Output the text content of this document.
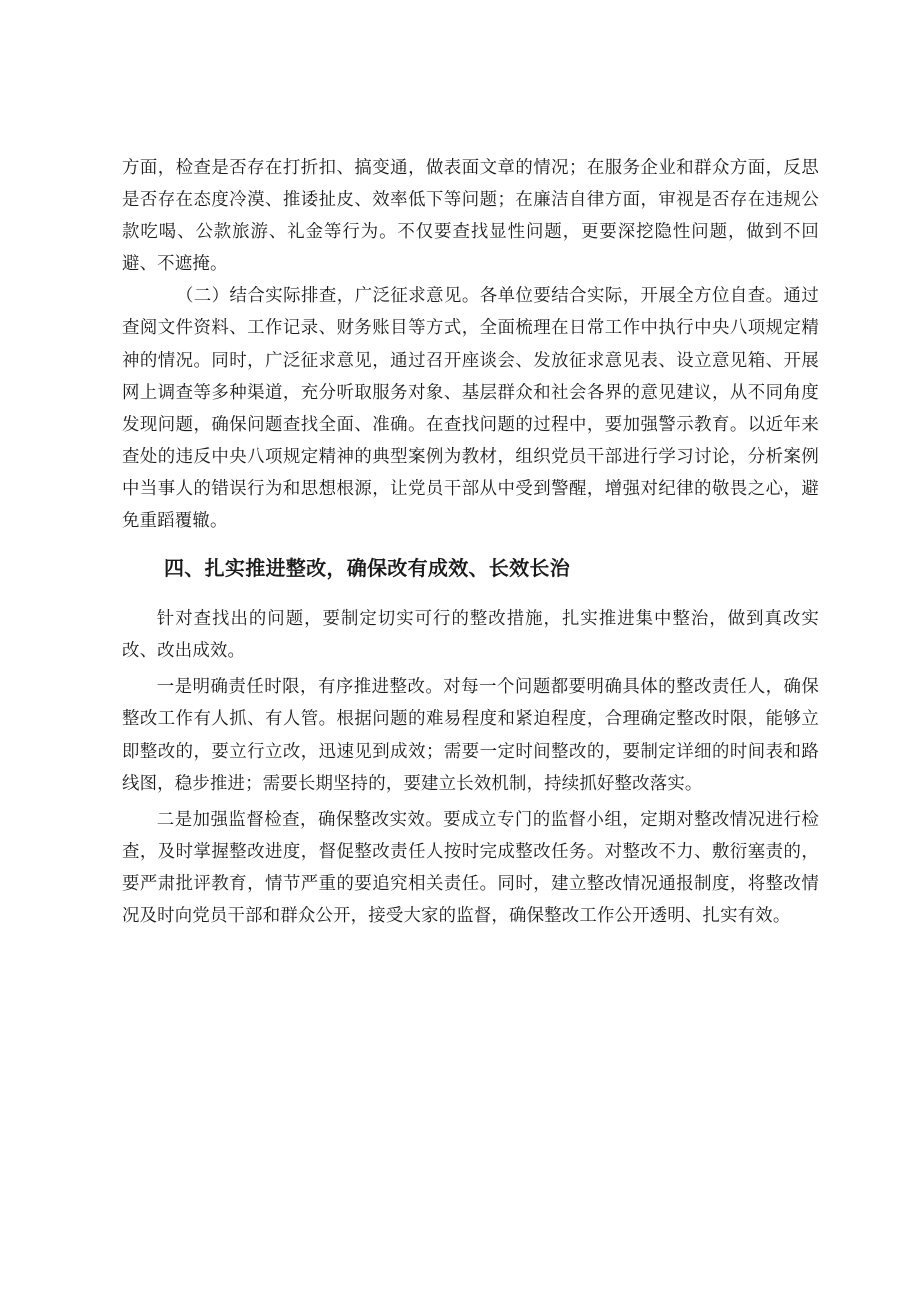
方面，检查是否存在打折扣、搞变通，做表面文章的情况；在服务企业和群众方面，反思是否存在态度冷漠、推诿扯皮、效率低下等问题；在廉洁自律方面，审视是否存在违规公款吃喝、公款旅游、礼金等行为。不仅要查找显性问题，更要深挖隐性问题，做到不回避、不遮掩。

（二）结合实际排查，广泛征求意见。各单位要结合实际，开展全方位自查。通过查阅文件资料、工作记录、财务账目等方式，全面梳理在日常工作中执行中央八项规定精神的情况。同时，广泛征求意见，通过召开座谈会、发放征求意见表、设立意见箱、开展网上调查等多种渠道，充分听取服务对象、基层群众和社会各界的意见建议，从不同角度发现问题，确保问题查找全面、准确。在查找问题的过程中，要加强警示教育。以近年来查处的违反中央八项规定精神的典型案例为教材，组织党员干部进行学习讨论，分析案例中当事人的错误行为和思想根源，让党员干部从中受到警醒，增强对纪律的敬畏之心，避免重蹈覆辙。

四、扎实推进整改，确保改有成效、长效长治

针对查找出的问题，要制定切实可行的整改措施，扎实推进集中整治，做到真改实改、改出成效。

一是明确责任时限，有序推进整改。对每一个问题都要明确具体的整改责任人，确保整改工作有人抓、有人管。根据问题的难易程度和紧迫程度，合理确定整改时限，能够立即整改的，要立行立改，迅速见到成效；需要一定时间整改的，要制定详细的时间表和路线图，稳步推进；需要长期坚持的，要建立长效机制，持续抓好整改落实。

二是加强监督检查，确保整改实效。要成立专门的监督小组，定期对整改情况进行检查，及时掌握整改进度，督促整改责任人按时完成整改任务。对整改不力、敷衍塞责的，要严肃批评教育，情节严重的要追究相关责任。同时，建立整改情况通报制度，将整改情况及时向党员干部和群众公开，接受大家的监督，确保整改工作公开透明、扎实有效。
